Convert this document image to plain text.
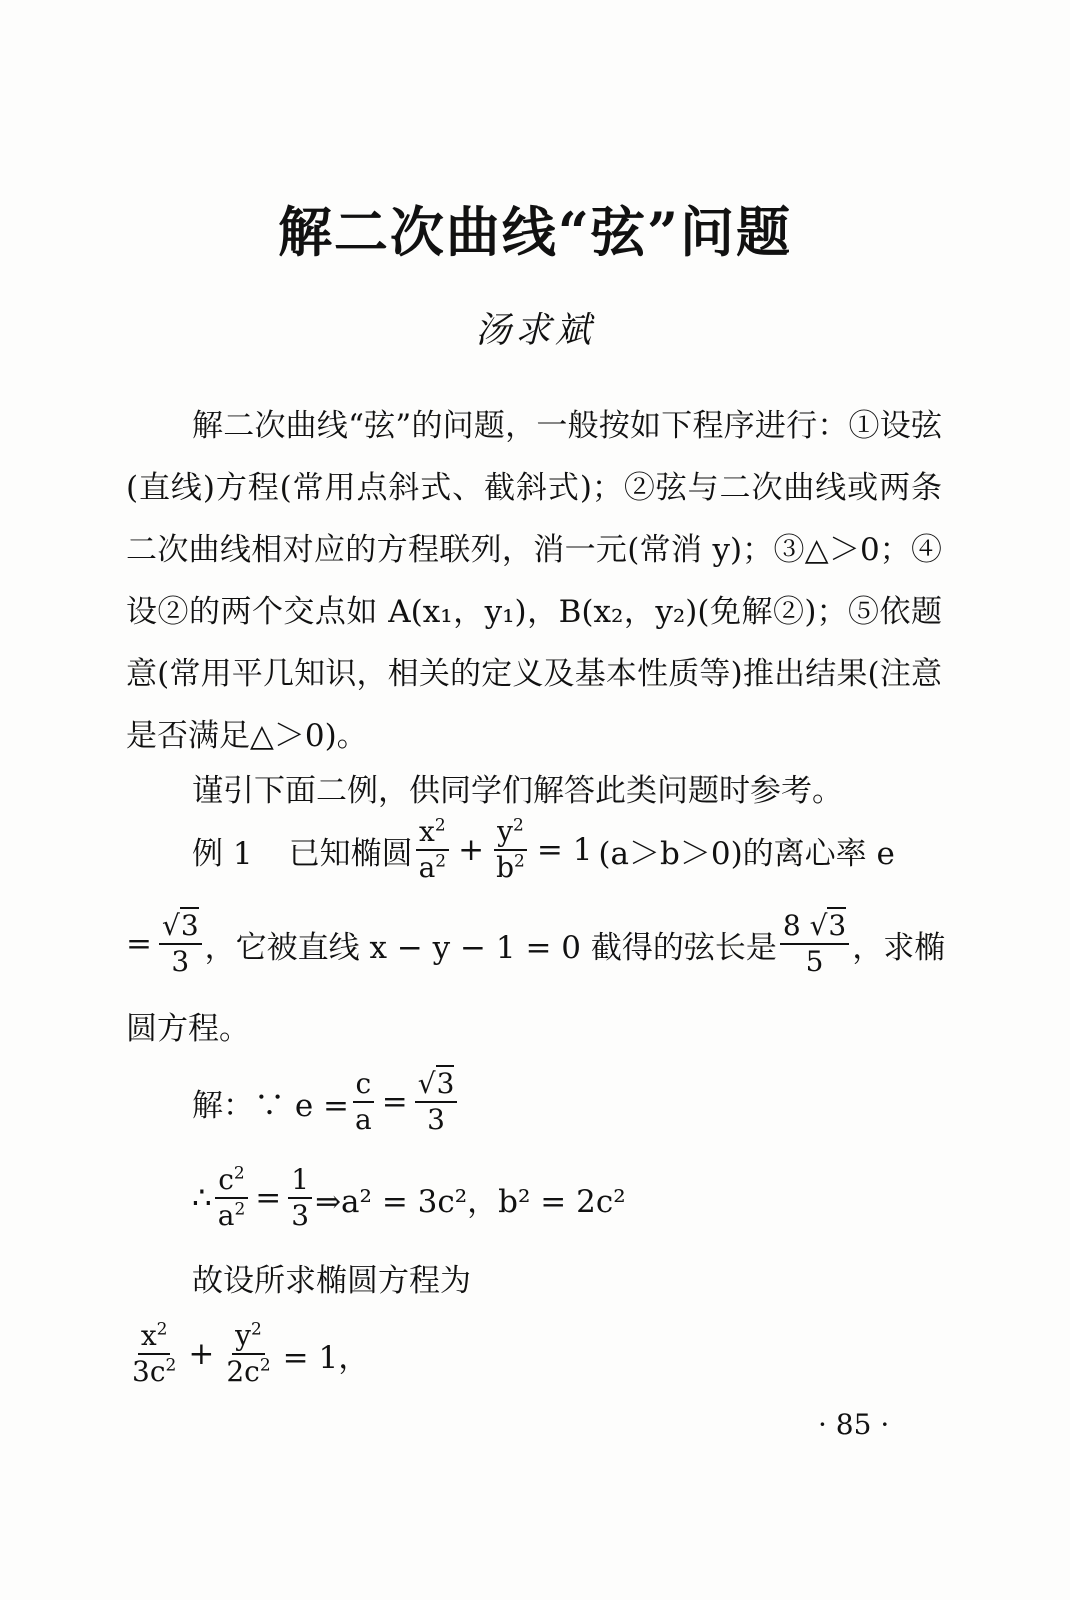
解二次曲线“弦”问题
汤求斌
解二次曲线“弦”的问题，一般按如下程序进行：①设弦(直线)方程(常用点斜式、截斜式)；②弦与二次曲线或两条二次曲线相对应的方程联列，消一元(常消 y)；③△＞0；④设②的两个交点如 A(x₁，y₁)，B(x₂，y₂)(免解②)；⑤依题意(常用平几知识，相关的定义及基本性质等)推出结果(注意是否满足△＞0)。
谨引下面二例，供同学们解答此类问题时参考。
例 1 已知椭圆 $\frac{x^2}{a^2} + \frac{y^2}{b^2} = 1$ (a＞b＞0)的离心率 e
= $\frac{√3}{3}$ ，它被直线 x − y − 1 = 0 截得的弦长是 $\frac{8 √3}{5}$ ，求椭
圆方程。
解：∵ $e = \frac{c}{a} = \frac{√3}{3}$
∴ $\frac{c^2}{a^2} = \frac{1}{3}$ ⇒a² = 3c²，b² = 2c²
故设所求椭圆方程为
$\frac{x^2}{3c^2} + \frac{y^2}{2c^2} = 1$，
· 85 ·
